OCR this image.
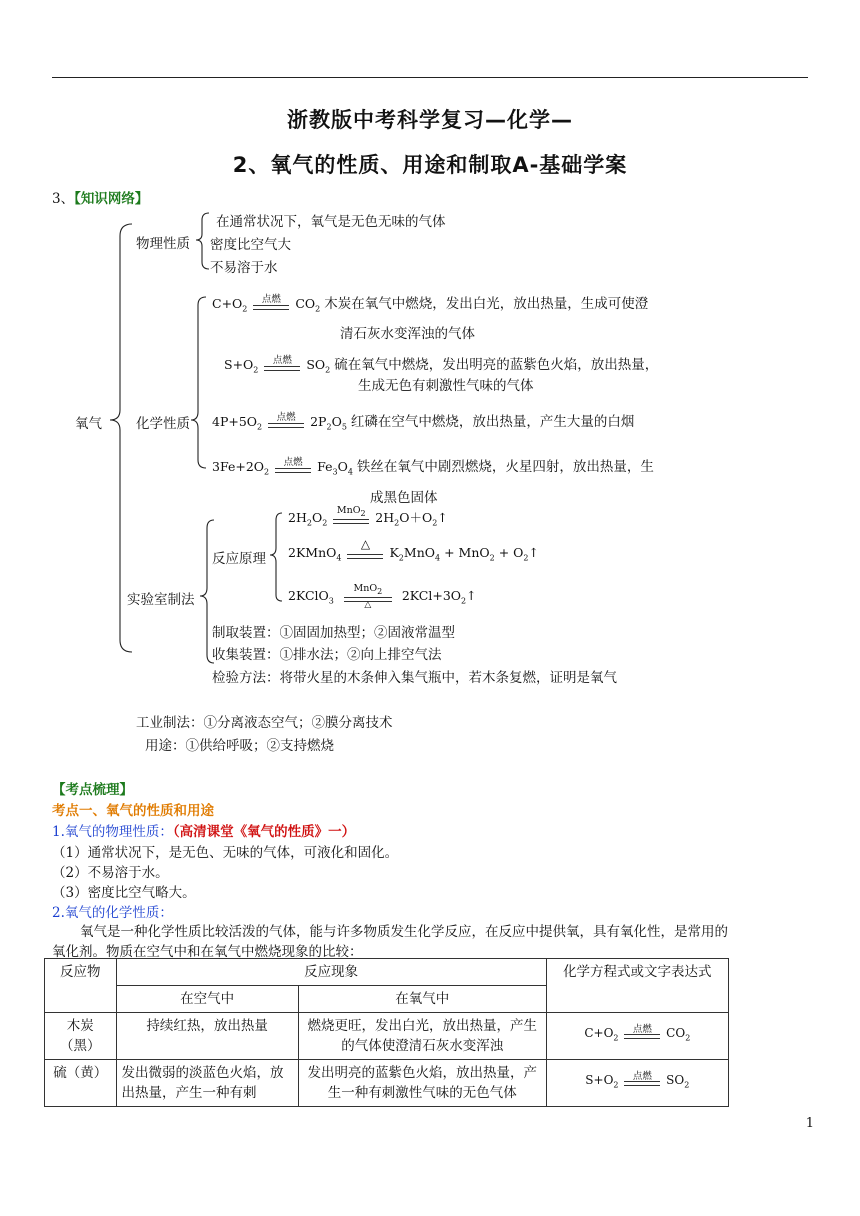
浙教版中考科学复习—化学—
2、氧气的性质、用途和制取A-基础学案
3、【知识网络】
氧气
物理性质
在通常状况下，氧气是无色无味的气体
密度比空气大
不易溶于水
化学性质
$C+O_2$
点燃	$CO_2$ 木炭在氧气中燃烧，发出白光，放出热量，生成可使澄
清石灰水变浑浊的气体
$S+O_2$
点燃	$SO_2$ 硫在氧气中燃烧，发出明亮的蓝紫色火焰，放出热量，
生成无色有刺激性气味的气体
$4P+5O_2$
点燃	$2P_2O_5$ 红磷在空气中燃烧，放出热量，产生大量的白烟
$3Fe+2O_2$
点燃	$Fe_3O_4$ 铁丝在氧气中剧烈燃烧，火星四射，放出热量，生
成黑色固体
实验室制法
反应原理
$2H_2O_2$
MnO$_2$ $2H_2O+O_2↑$
2KMnO$_4$
△
$K_2MnO_4 + MnO_2$ + $O_2↑$
2KClO$_3$
MnO$_2$
△
$2KCl+3O_2↑$
制取装置：①固固加热型；②固液常温型
收集装置：①排水法；②向上排空气法
检验方法：将带火星的木条伸入集气瓶中，若木条复燃，证明是氧气
工业制法：①分离液态空气；②膜分离技术
用途：①供给呼吸；②支持燃烧
【考点梳理】
考点一、氧气的性质和用途
1.氧气的物理性质：（高清课堂《氧气的性质》一）
（1）通常状况下，是无色、无味的气体，可液化和固化。
（2）不易溶于水。
（3）密度比空气略大。
2.氧气的化学性质：
氧气是一种化学性质比较活泼的气体，能与许多物质发生化学反应，在反应中提供氧，具有氧化性，是常用的
氧化剂。物质在空气中和在氧气中燃烧现象的比较：
反应物	反应现象		化学方程式或文字表达式
	在空气中	在氧气中	
木炭（黑）	持续红热，放出热量	燃烧更旺，发出白光，放出热量，产生的气体使澄清石灰水变浑浊	$C+O_2$
点燃 $CO_2$
硫（黄）	发出微弱的淡蓝色火焰，放出热量，产生一种有刺	发出明亮的蓝紫色火焰，放出热量，产生一种有刺激性气味的无色气体	$S+O_2$
点燃 $SO_2$
1
